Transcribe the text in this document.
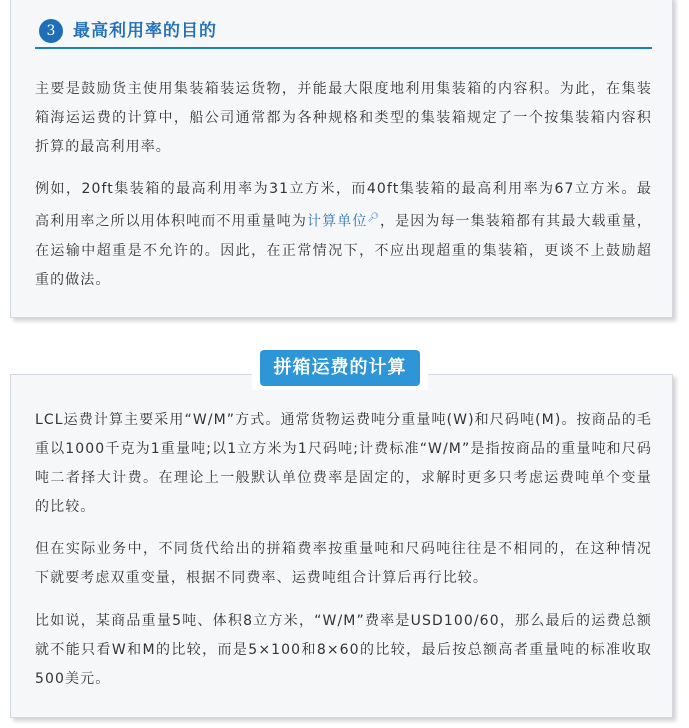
3	最高利用率的目的

主要是鼓励货主使用集装箱装运货物，并能最大限度地利用集装箱的内容积。为此，在集装箱海运运费的计算中，船公司通常都为各种规格和类型的集装箱规定了一个按集装箱内容积折算的最高利用率。

例如，20ft集装箱的最高利用率为31立方米，而40ft集装箱的最高利用率为67立方米。最高利用率之所以用体积吨而不用重量吨为计算单位🔎︎，是因为每一集装箱都有其最大载重量，在运输中超重是不允许的。因此，在正常情况下，不应出现超重的集装箱，更谈不上鼓励超重的做法。

LCL运费计算主要采用“W/M”方式。通常货物运费吨分重量吨(W)和尺码吨(M)。按商品的毛重以1000千克为1重量吨;以1立方米为1尺码吨;计费标准“W/M”是指按商品的重量吨和尺码吨二者择大计费。在理论上一般默认单位费率是固定的，求解时更多只考虑运费吨单个变量的比较。

但在实际业务中，不同货代给出的拼箱费率按重量吨和尺码吨往往是不相同的，在这种情况下就要考虑双重变量，根据不同费率、运费吨组合计算后再行比较。

比如说，某商品重量5吨、体积8立方米，“W/M”费率是USD100/60，那么最后的运费总额就不能只看W和M的比较，而是5×100和8×60的比较，最后按总额高者重量吨的标准收取500美元。

拼箱运费的计算
